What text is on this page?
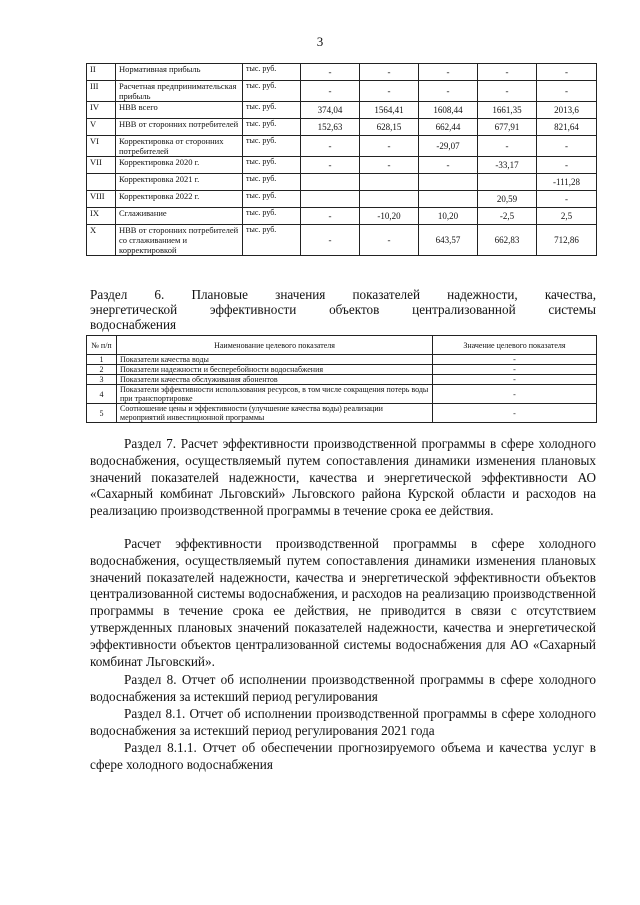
3
II	Нормативная прибыль	тыс. руб.	-	-	-	-	-
III	Расчетная предпринимательская прибыль	тыс. руб.	-	-	-	-	-
IV	НВВ всего	тыс. руб.	374,04	1564,41	1608,44	1661,35	2013,6
V	НВВ от сторонних потребителей	тыс. руб.	152,63	628,15	662,44	677,91	821,64
VI	Корректировка от сторонних потребителей	тыс. руб.	-	-	-29,07	-	-
VII	Корректировка 2020 г.	тыс. руб.	-	-	-	-33,17	-
	Корректировка 2021 г.	тыс. руб.					-111,28
VIII	Корректировка 2022 г.	тыс. руб.				20,59	-
IX	Сглаживание	тыс. руб.	-	-10,20	10,20	-2,5	2,5
X	НВВ от сторонних потребителей со сглаживанием и корректировкой	тыс. руб.	-	-	643,57	662,83	712,86
Раздел 6. Плановые значения показателей надежности, качества,
энергетической эффективности объектов централизованной системы
водоснабжения
№ п/п	Наименование целевого показателя	Значение целевого показателя
1	Показатели качества воды	-
2	Показатели надежности и бесперебойности водоснабжения	-
3	Показатели качества обслуживания абонентов	-
4	Показатели эффективности использования ресурсов, в том числе сокращения потерь воды при транспортировке	-
5	Соотношение цены и эффективности (улучшение качества воды) реализации мероприятий инвестиционной программы	-
Раздел 7. Расчет эффективности производственной программы в сфере холодного водоснабжения, осуществляемый путем сопоставления динамики изменения плановых значений показателей надежности, качества и энергетической эффективности АО «Сахарный комбинат Льговский» Льговского района Курской области и расходов на реализацию производственной программы в течение срока ее действия.
Расчет эффективности производственной программы в сфере холодного водоснабжения, осуществляемый путем сопоставления динамики изменения плановых значений показателей надежности, качества и энергетической эффективности объектов централизованной системы водоснабжения, и расходов на реализацию производственной программы в течение срока ее действия, не приводится в связи с отсутствием утвержденных плановых значений показателей надежности, качества и энергетической эффективности объектов централизованной системы водоснабжения для АО «Сахарный комбинат Льговский».
Раздел 8. Отчет об исполнении производственной программы в сфере холодного водоснабжения за истекший период регулирования
Раздел 8.1. Отчет об исполнении производственной программы в сфере холодного водоснабжения за истекший период регулирования 2021 года
Раздел 8.1.1. Отчет об обеспечении прогнозируемого объема и качества услуг в сфере холодного водоснабжения
